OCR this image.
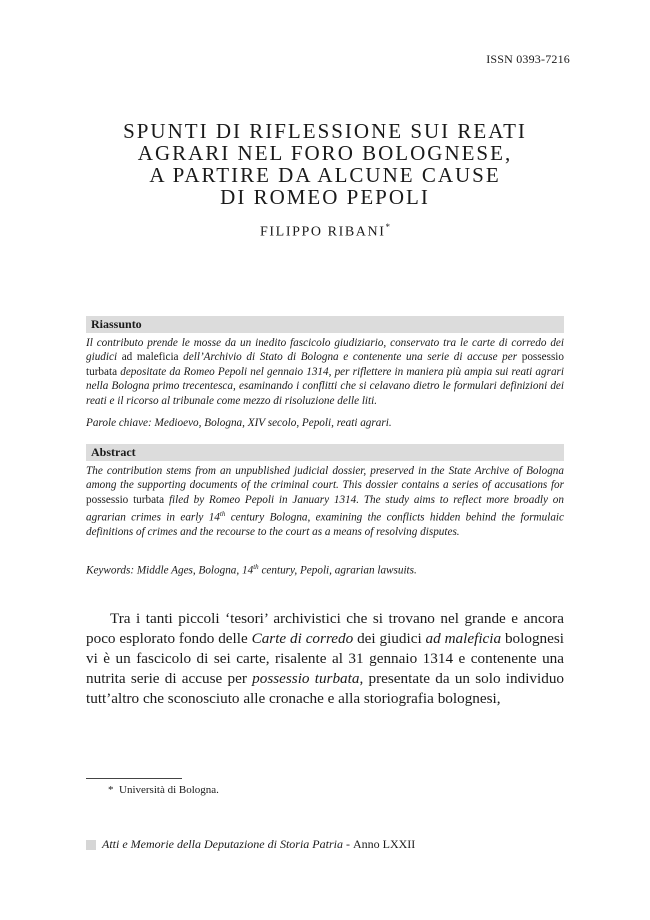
ISSN 0393-7216
SPUNTI DI RIFLESSIONE SUI REATI
AGRARI NEL FORO BOLOGNESE,
A PARTIRE DA ALCUNE CAUSE
DI ROMEO PEPOLI
FILIPPO RIBANI*
Riassunto
Il contributo prende le mosse da un inedito fascicolo giudiziario, conservato tra le carte di corredo dei giudici ad maleficia dell’Archivio di Stato di Bologna e contenente una serie di accuse per possessio turbata depositate da Romeo Pepoli nel gennaio 1314, per riflettere in maniera più ampia sui reati agrari nella Bologna primo trecentesca, esaminando i conflitti che si celavano dietro le formulari definizioni dei reati e il ricorso al tribunale come mezzo di risoluzione delle liti.
Parole chiave: Medioevo, Bologna, XIV secolo, Pepoli, reati agrari.
Abstract
The contribution stems from an unpublished judicial dossier, preserved in the State Archive of Bologna among the supporting documents of the criminal court. This dossier contains a series of accusations for possessio turbata filed by Romeo Pepoli in January 1314. The study aims to reflect more broadly on agrarian crimes in early 14th century Bologna, examining the conflicts hidden behind the formulaic definitions of crimes and the recourse to the court as a means of resolving disputes.
Keywords: Middle Ages, Bologna, 14th century, Pepoli, agrarian lawsuits.
Tra i tanti piccoli ‘tesori’ archivistici che si trovano nel grande e ancora poco esplorato fondo delle Carte di corredo dei giudici ad maleficia bolognesi vi è un fascicolo di sei carte, risalente al 31 gennaio 1314 e contenente una nutrita serie di accuse per possessio turbata, presentate da un solo individuo tutt’altro che sconosciuto alle cronache e alla storiografia bolognesi,
* Università di Bologna.
Atti e Memorie della Deputazione di Storia Patria - Anno LXXII
